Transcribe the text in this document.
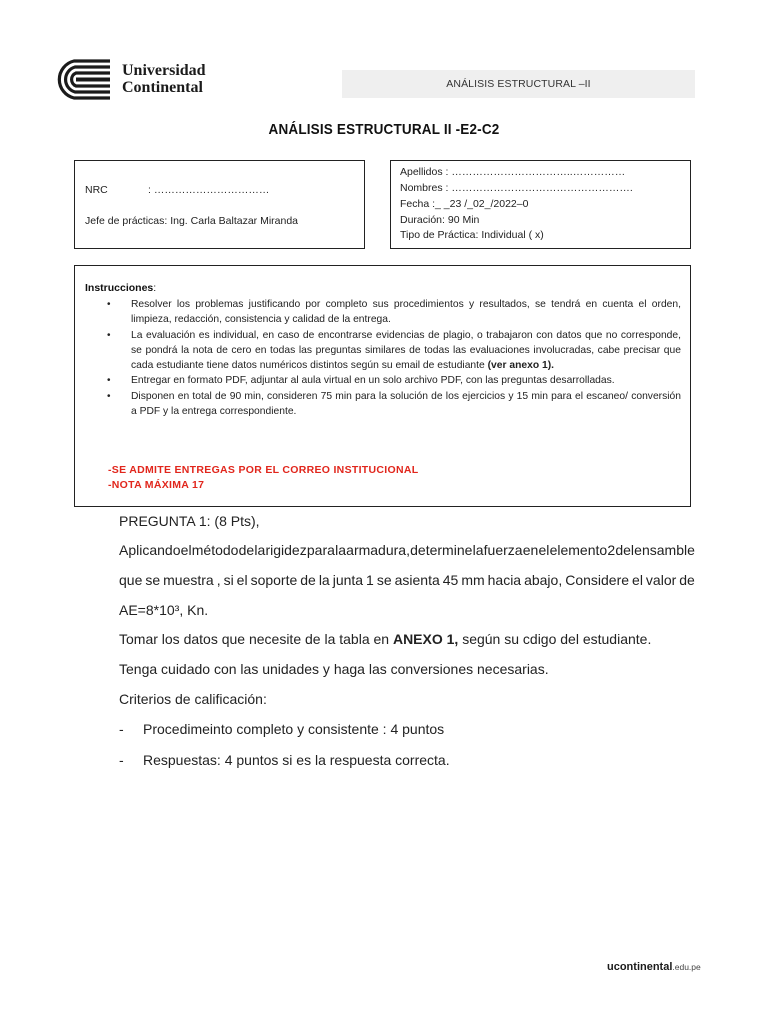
Universidad
Continental	ANÁLISIS ESTRUCTURAL –II
ANÁLISIS ESTRUCTURAL II -E2-C2
NRC	: ……………………………
Jefe de prácticas: Ing. Carla Baltazar Miranda
Apellidos : ……………………………..……………
Nombres : …………………………………………….
Fecha :_ _23 /_02_/2022–0
Duración: 90 Min
Tipo de Práctica: Individual ( x)
Instrucciones:
• Resolver los problemas justificando por completo sus procedimientos y resultados, se tendrá en cuenta el orden, limpieza, redacción, consistencia y calidad de la entrega.
• La evaluación es individual, en caso de encontrarse evidencias de plagio, o trabajaron con datos que no corresponde, se pondrá la nota de cero en todas las preguntas similares de todas las evaluaciones involucradas, cabe precisar que cada estudiante tiene datos numéricos distintos según su email de estudiante (ver anexo 1).
• Entregar en formato PDF, adjuntar al aula virtual en un solo archivo PDF, con las preguntas desarrolladas.
• Disponen en total de 90 min, consideren 75 min para la solución de los ejercicios y 15 min para el escaneo/ conversión a PDF y la entrega correspondiente.
-SE ADMITE ENTREGAS POR EL CORREO INSTITUCIONAL
-NOTA MÁXIMA 17
PREGUNTA 1: (8 Pts),
Aplicando el método de la rigidez para la armadura, determine la fuerza en el elemento 2 del ensamble
que se muestra , si el soporte de la junta 1 se asienta 45 mm hacia abajo, Considere el valor de
AE=8*10³, Kn.
Tomar los datos que necesite de la tabla en ANEXO 1, según su cdigo del estudiante.
Tenga cuidado con las unidades y haga las conversiones necesarias.
Criterios de calificación:
- Procedimeinto completo y consistente : 4 puntos
- Respuestas: 4 puntos si es la respuesta correcta.
ucontinental.edu.pe
